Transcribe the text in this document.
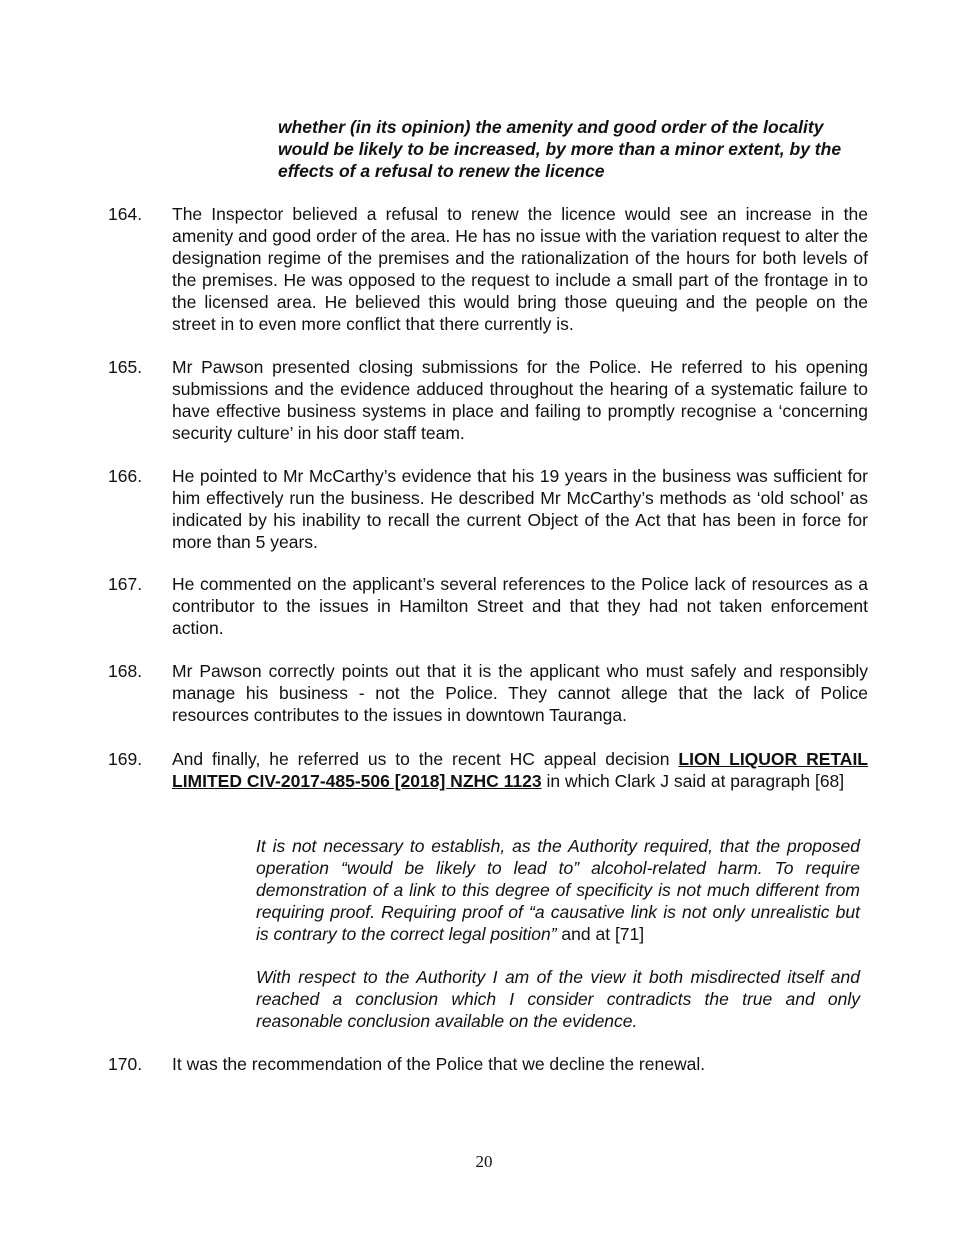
whether (in its opinion) the amenity and good order of the locality would be likely to be increased, by more than a minor extent, by the effects of a refusal to renew the licence
164. The Inspector believed a refusal to renew the licence would see an increase in the amenity and good order of the area. He has no issue with the variation request to alter the designation regime of the premises and the rationalization of the hours for both levels of the premises. He was opposed to the request to include a small part of the frontage in to the licensed area. He believed this would bring those queuing and the people on the street in to even more conflict that there currently is.
165. Mr Pawson presented closing submissions for the Police. He referred to his opening submissions and the evidence adduced throughout the hearing of a systematic failure to have effective business systems in place and failing to promptly recognise a ‘concerning security culture’ in his door staff team.
166. He pointed to Mr McCarthy’s evidence that his 19 years in the business was sufficient for him effectively run the business. He described Mr McCarthy’s methods as ‘old school’ as indicated by his inability to recall the current Object of the Act that has been in force for more than 5 years.
167. He commented on the applicant’s several references to the Police lack of resources as a contributor to the issues in Hamilton Street and that they had not taken enforcement action.
168. Mr Pawson correctly points out that it is the applicant who must safely and responsibly manage his business - not the Police. They cannot allege that the lack of Police resources contributes to the issues in downtown Tauranga.
169. And finally, he referred us to the recent HC appeal decision LION LIQUOR RETAIL LIMITED CIV-2017-485-506 [2018] NZHC 1123 in which Clark J said at paragraph [68]
It is not necessary to establish, as the Authority required, that the proposed operation “would be likely to lead to” alcohol-related harm. To require demonstration of a link to this degree of specificity is not much different from requiring proof. Requiring proof of “a causative link is not only unrealistic but is contrary to the correct legal position” and at [71]
With respect to the Authority I am of the view it both misdirected itself and reached a conclusion which I consider contradicts the true and only reasonable conclusion available on the evidence.
170. It was the recommendation of the Police that we decline the renewal.
20
